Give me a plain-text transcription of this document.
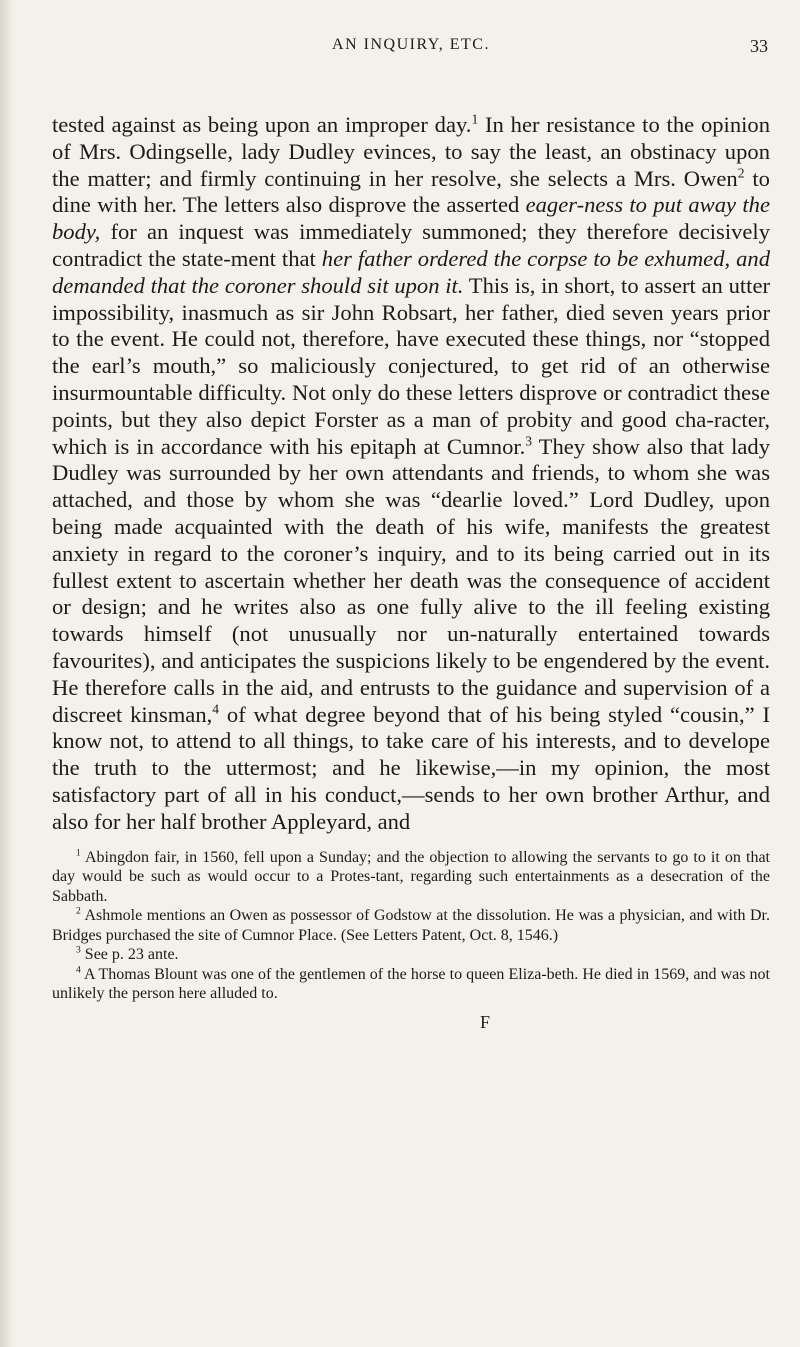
AN INQUIRY, ETC.	33

tested against as being upon an improper day.$^1$ In her resistance to the opinion of Mrs. Odingselle, lady Dudley evinces, to say the least, an obstinacy upon the matter; and firmly continuing in her resolve, she selects a Mrs. Owen$^2$ to dine with her. The letters also disprove the asserted eager-ness to put away the body, for an inquest was immediately summoned; they therefore decisively contradict the state-ment that her father ordered the corpse to be exhumed, and demanded that the coroner should sit upon it. This is, in short, to assert an utter impossibility, inasmuch as sir John Robsart, her father, died seven years prior to the event. He could not, therefore, have executed these things, nor “stopped the earl’s mouth,” so maliciously conjectured, to get rid of an otherwise insurmountable difficulty. Not only do these letters disprove or contradict these points, but they also depict Forster as a man of probity and good cha-racter, which is in accordance with his epitaph at Cumnor.$^3$ They show also that lady Dudley was surrounded by her own attendants and friends, to whom she was attached, and those by whom she was “dearlie loved.” Lord Dudley, upon being made acquainted with the death of his wife, manifests the greatest anxiety in regard to the coroner’s inquiry, and to its being carried out in its fullest extent to ascertain whether her death was the consequence of accident or design; and he writes also as one fully alive to the ill feeling existing towards himself (not unusually nor un-naturally entertained towards favourites), and anticipates the suspicions likely to be engendered by the event. He therefore calls in the aid, and entrusts to the guidance and supervision of a discreet kinsman,$^4$ of what degree beyond that of his being styled “cousin,” I know not, to attend to all things, to take care of his interests, and to develope the truth to the uttermost; and he likewise,—in my opinion, the most satisfactory part of all in his conduct,—sends to her own brother Arthur, and also for her half brother Appleyard, and

$^1$ Abingdon fair, in 1560, fell upon a Sunday; and the objection to allowing the servants to go to it on that day would be such as would occur to a Protes-tant, regarding such entertainments as a desecration of the Sabbath.

$^2$ Ashmole mentions an Owen as possessor of Godstow at the dissolution. He was a physician, and with Dr. Bridges purchased the site of Cumnor Place. (See Letters Patent, Oct. 8, 1546.)

$^3$ See p. 23 ante.

$^4$ A Thomas Blount was one of the gentlemen of the horse to queen Eliza-beth. He died in 1569, and was not unlikely the person here alluded to.

F
